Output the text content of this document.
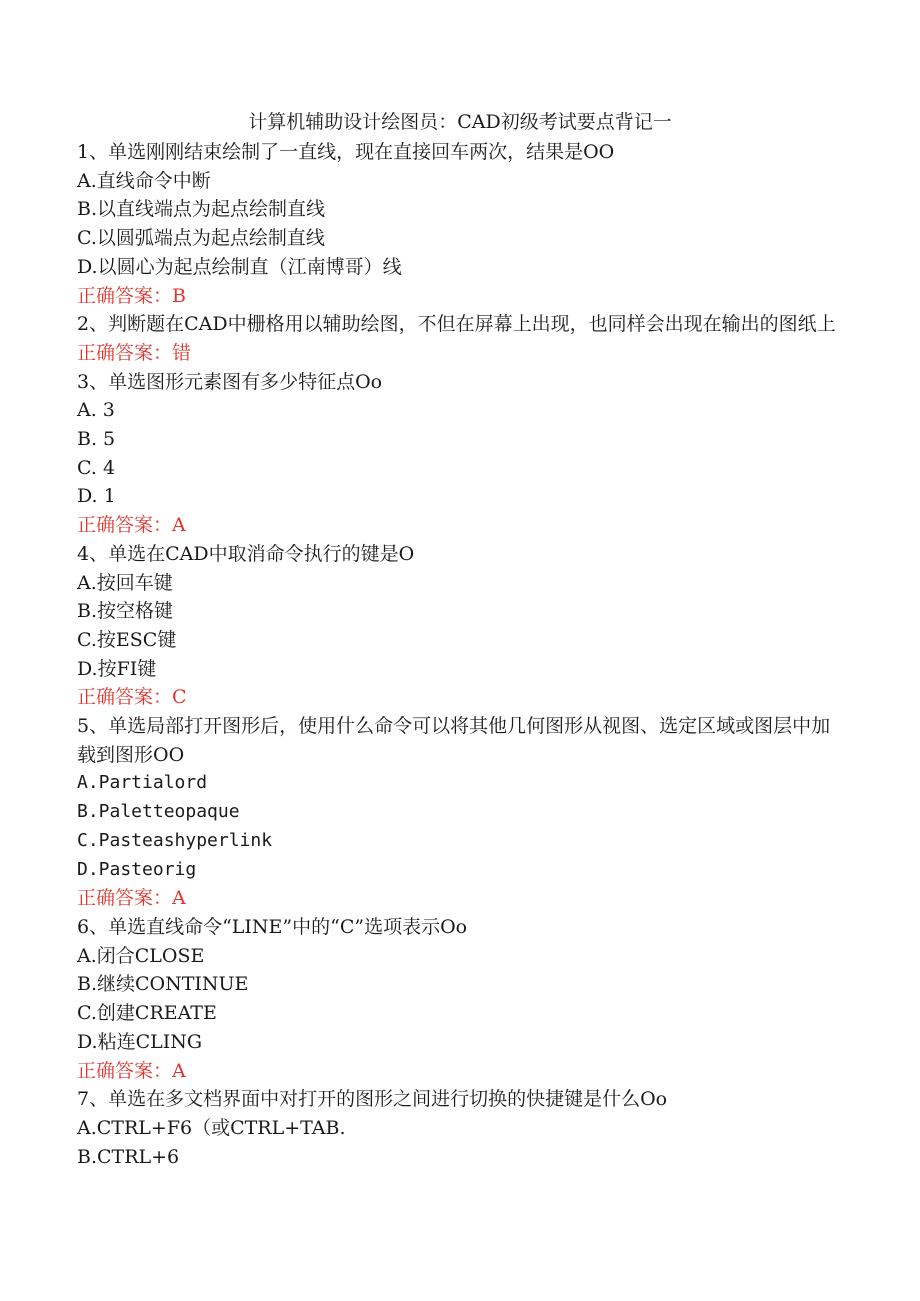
计算机辅助设计绘图员：CAD初级考试要点背记一
1、单选刚刚结束绘制了一直线，现在直接回车两次，结果是OO
A.直线命令中断
B.以直线端点为起点绘制直线
C.以圆弧端点为起点绘制直线
D.以圆心为起点绘制直（江南博哥）线
正确答案：B
2、判断题在CAD中栅格用以辅助绘图，不但在屏幕上出现，也同样会出现在输出的图纸上
正确答案：错
3、单选图形元素图有多少特征点Oo
A. 3
B. 5
C. 4
D. 1
正确答案：A
4、单选在CAD中取消命令执行的键是O
A.按回车键
B.按空格键
C.按ESC键
D.按FI键
正确答案：C
5、单选局部打开图形后，使用什么命令可以将其他几何图形从视图、选定区域或图层中加载到图形OO
A.Partialord
B.Paletteopaque
C.Pasteashyperlink
D.Pasteorig
正确答案：A
6、单选直线命令“LINE”中的“C”选项表示Oo
A.闭合CLOSE
B.继续CONTINUE
C.创建CREATE
D.粘连CLING
正确答案：A
7、单选在多文档界面中对打开的图形之间进行切换的快捷键是什么Oo
A.CTRL+F6（或CTRL+TAB.
B.CTRL+6
